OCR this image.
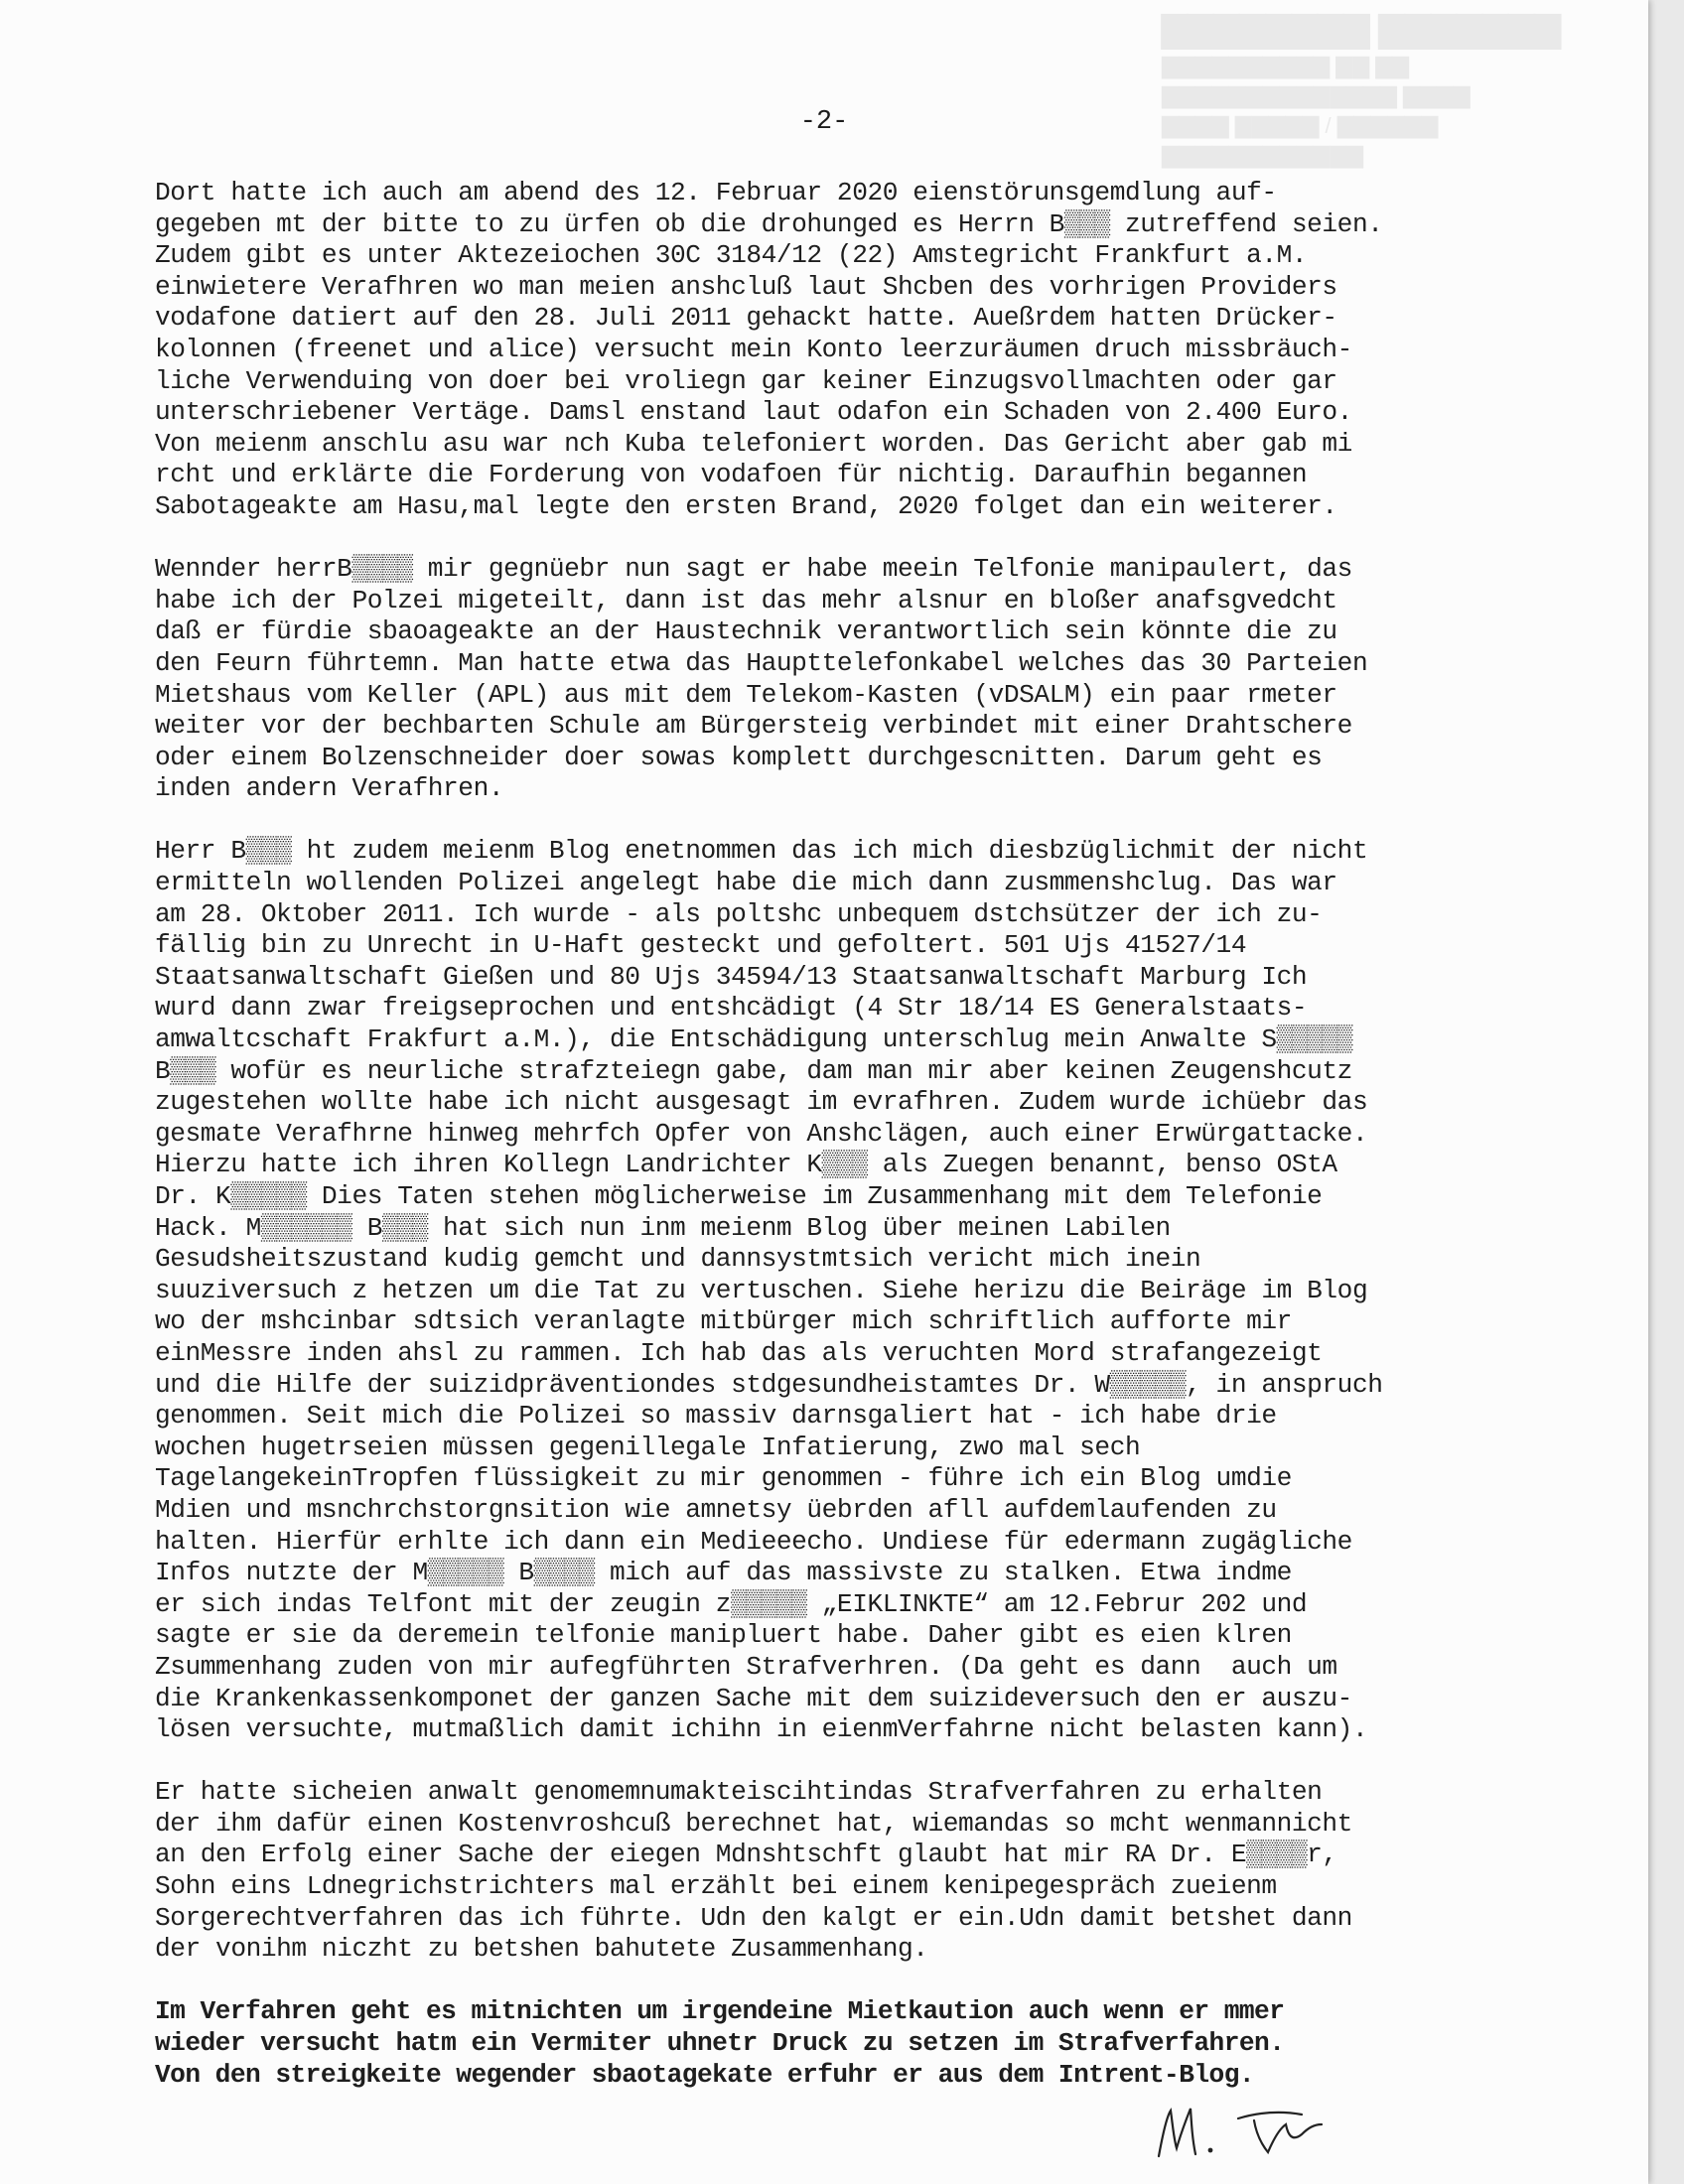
▇▇▇▇▇▇▇▇ ▇▇▇▇▇▇▇
▇▇▇▇▇▇▇▇▇▇ ▇▇ ▇▇
▇▇▇▇▇▇▇▇▇▇▇▇▇▇ ▇▇▇▇
▇▇▇▇ ▇▇▇▇▇ / ▇▇▇▇▇▇
▇▇▇▇▇▇▇▇▇▇▇▇
-2-
Dort hatte ich auch am abend des 12. Februar 2020 eienstörunsgemdlung auf-
gegeben mt der bitte to zu ürfen ob die drohunged es Herrn B▒▒▒ zutreffend seien.
Zudem gibt es unter Aktezeiochen 30C 3184/12 (22) Amstegricht Frankfurt a.M.
einwietere Verafhren wo man meien anshcluß laut Shcben des vorhrigen Providers
vodafone datiert auf den 28. Juli 2011 gehackt hatte. Aueßrdem hatten Drücker-
kolonnen (freenet und alice) versucht mein Konto leerzuräumen druch missbräuch-
liche Verwenduing von doer bei vroliegn gar keiner Einzugsvollmachten oder gar
unterschriebener Vertäge. Damsl enstand laut odafon ein Schaden von 2.400 Euro.
Von meienm anschlu asu war nch Kuba telefoniert worden. Das Gericht aber gab mi
rcht und erklärte die Forderung von vodafoen für nichtig. Daraufhin begannen
Sabotageakte am Hasu,mal legte den ersten Brand, 2020 folget dan ein weiterer.
Wennder herrB▒▒▒▒ mir gegnüebr nun sagt er habe meein Telfonie manipaulert, das
habe ich der Polzei migeteilt, dann ist das mehr alsnur en bloßer anafsgvedcht
daß er fürdie sbaoageakte an der Haustechnik verantwortlich sein könnte die zu
den Feurn führtemn. Man hatte etwa das Haupttelefonkabel welches das 30 Parteien
Mietshaus vom Keller (APL) aus mit dem Telekom-Kasten (vDSALM) ein paar rmeter
weiter vor der bechbarten Schule am Bürgersteig verbindet mit einer Drahtschere
oder einem Bolzenschneider doer sowas komplett durchgescnitten. Darum geht es
inden andern Verafhren.
Herr B▒▒▒ ht zudem meienm Blog enetnommen das ich mich diesbzüglichmit der nicht
ermitteln wollenden Polizei angelegt habe die mich dann zusmmenshclug. Das war
am 28. Oktober 2011. Ich wurde - als poltshc unbequem dstchsützer der ich zu-
fällig bin zu Unrecht in U-Haft gesteckt und gefoltert. 501 Ujs 41527/14
Staatsanwaltschaft Gießen und 80 Ujs 34594/13 Staatsanwaltschaft Marburg Ich
wurd dann zwar freigseprochen und entshcädigt (4 Str 18/14 ES Generalstaats-
amwaltcschaft Frakfurt a.M.), die Entschädigung unterschlug mein Anwalte S▒▒▒▒▒
B▒▒▒ wofür es neurliche strafzteiegn gabe, dam man mir aber keinen Zeugenshcutz
zugestehen wollte habe ich nicht ausgesagt im evrafhren. Zudem wurde ichüebr das
gesmate Verafhrne hinweg mehrfch Opfer von Anshclägen, auch einer Erwürgattacke.
Hierzu hatte ich ihren Kollegn Landrichter K▒▒▒ als Zuegen benannt, benso OStA
Dr. K▒▒▒▒▒ Dies Taten stehen möglicherweise im Zusammenhang mit dem Telefonie
Hack. M▒▒▒▒▒▒ B▒▒▒ hat sich nun inm meienm Blog über meinen Labilen
Gesudsheitszustand kudig gemcht und dannsystmtsich vericht mich inein
suuziversuch z hetzen um die Tat zu vertuschen. Siehe herizu die Beiräge im Blog
wo der mshcinbar sdtsich veranlagte mitbürger mich schriftlich aufforte mir
einMessre inden ahsl zu rammen. Ich hab das als veruchten Mord strafangezeigt
und die Hilfe der suizidpräventiondes stdgesundheistamtes Dr. W▒▒▒▒▒, in anspruch
genommen. Seit mich die Polizei so massiv darnsgaliert hat - ich habe drie
wochen hugetrseien müssen gegenillegale Infatierung, zwo mal sech
TagelangekeinTropfen flüssigkeit zu mir genommen - führe ich ein Blog umdie
Mdien und msnchrchstorgnsition wie amnetsy üebrden afll aufdemlaufenden zu
halten. Hierfür erhlte ich dann ein Medieeecho. Undiese für edermann zugägliche
Infos nutzte der M▒▒▒▒▒ B▒▒▒▒ mich auf das massivste zu stalken. Etwa indme
er sich indas Telfont mit der zeugin z▒▒▒▒▒ „EIKLINKTE“ am 12.Februr 202 und
sagte er sie da deremein telfonie manipluert habe. Daher gibt es eien klren
Zsummenhang zuden von mir aufegführten Strafverhren. (Da geht es dann  auch um
die Krankenkassenkomponet der ganzen Sache mit dem suizideversuch den er auszu-
lösen versuchte, mutmaßlich damit ichihn in eienmVerfahrne nicht belasten kann).
Er hatte sicheien anwalt genomemnumakteiscihtindas Strafverfahren zu erhalten
der ihm dafür einen Kostenvroshcuß berechnet hat, wiemandas so mcht wenmannicht
an den Erfolg einer Sache der eiegen Mdnshtschft glaubt hat mir RA Dr. E▒▒▒▒r,
Sohn eins Ldnegrichstrichters mal erzählt bei einem kenipegespräch zueienm
Sorgerechtverfahren das ich führte. Udn den kalgt er ein.Udn damit betshet dann
der vonihm niczht zu betshen bahutete Zusammenhang.
Im Verfahren geht es mitnichten um irgendeine Mietkaution auch wenn er mmer
wieder versucht hatm ein Vermiter uhnetr Druck zu setzen im Strafverfahren.
Von den streigkeite wegender sbaotagekate erfuhr er aus dem Intrent-Blog.
